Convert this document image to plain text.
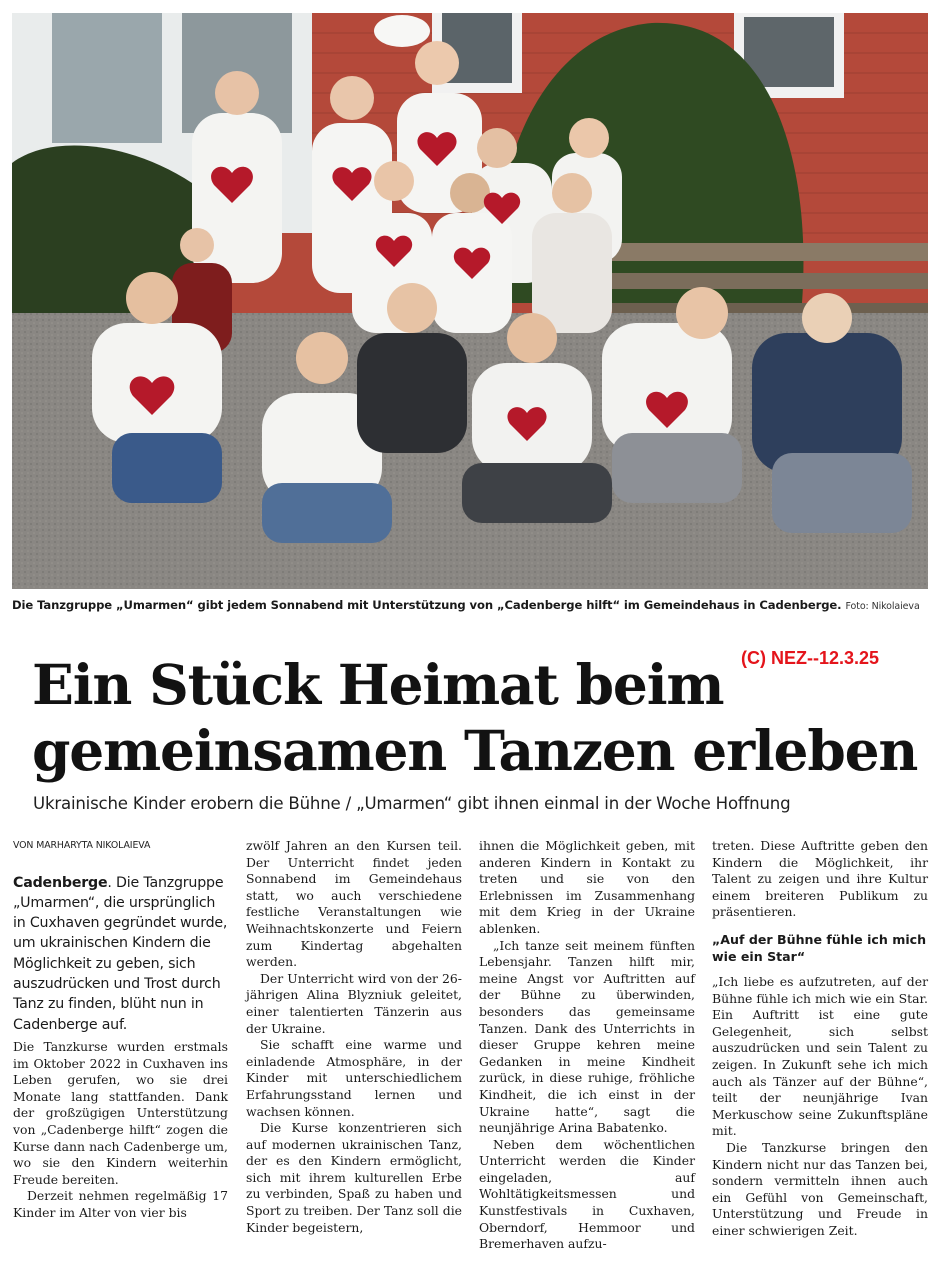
Die Tanzgruppe „Umarmen“ gibt jedem Sonnabend mit Unterstützung von „Cadenberge hilft“ im Gemeindehaus in Cadenberge. Foto: Nikolaieva
(C) NEZ--12.3.25
Ein Stück Heimat beim
gemeinsamen Tanzen erleben
Ukrainische Kinder erobern die Bühne / „Umarmen“ gibt ihnen einmal in der Woche Hoffnung
VON MARHARYTA NIKOLAIEVA
Cadenberge. Die Tanzgruppe „Umarmen“, die ursprünglich in Cuxhaven gegründet wurde, um ukrainischen Kindern die Möglichkeit zu geben, sich auszudrücken und Trost durch Tanz zu finden, blüht nun in Cadenberge auf.

Die Tanzkurse wurden erstmals im Oktober 2022 in Cuxhaven ins Leben gerufen, wo sie drei Monate lang stattfanden. Dank der großzügigen Unterstützung von „Cadenberge hilft“ zogen die Kurse dann nach Cadenberge um, wo sie den Kindern weiterhin Freude bereiten.

Derzeit nehmen regelmäßig 17 Kinder im Alter von vier bis

zwölf Jahren an den Kursen teil. Der Unterricht findet jeden Sonnabend im Gemeindehaus statt, wo auch verschiedene festliche Veranstaltungen wie Weihnachtskonzerte und Feiern zum Kindertag abgehalten werden.

Der Unterricht wird von der 26-jährigen Alina Blyzniuk geleitet, einer talentierten Tänzerin aus der Ukraine.

Sie schafft eine warme und einladende Atmosphäre, in der Kinder mit unterschiedlichem Erfahrungsstand lernen und wachsen können.

Die Kurse konzentrieren sich auf modernen ukrainischen Tanz, der es den Kindern ermöglicht, sich mit ihrem kulturellen Erbe zu verbinden, Spaß zu haben und Sport zu treiben. Der Tanz soll die Kinder begeistern,

ihnen die Möglichkeit geben, mit anderen Kindern in Kontakt zu treten und sie von den Erlebnissen im Zusammenhang mit dem Krieg in der Ukraine ablenken.

„Ich tanze seit meinem fünften Lebensjahr. Tanzen hilft mir, meine Angst vor Auftritten auf der Bühne zu überwinden, besonders das gemeinsame Tanzen. Dank des Unterrichts in dieser Gruppe kehren meine Gedanken in meine Kindheit zurück, in diese ruhige, fröhliche Kindheit, die ich einst in der Ukraine hatte“, sagt die neunjährige Arina Babatenko.

Neben dem wöchentlichen Unterricht werden die Kinder eingeladen, auf Wohltätigkeitsmessen und Kunstfestivals in Cuxhaven, Oberndorf, Hemmoor und Bremerhaven aufzu-

treten. Diese Auftritte geben den Kindern die Möglichkeit, ihr Talent zu zeigen und ihre Kultur einem breiteren Publikum zu präsentieren.

„Auf der Bühne fühle ich mich wie ein Star“

„Ich liebe es aufzutreten, auf der Bühne fühle ich mich wie ein Star. Ein Auftritt ist eine gute Gelegenheit, sich selbst auszudrücken und sein Talent zu zeigen. In Zukunft sehe ich mich auch als Tänzer auf der Bühne“, teilt der neunjährige Ivan Merkuschow seine Zukunftspläne mit.

Die Tanzkurse bringen den Kindern nicht nur das Tanzen bei, sondern vermitteln ihnen auch ein Gefühl von Gemeinschaft, Unterstützung und Freude in einer schwierigen Zeit.
